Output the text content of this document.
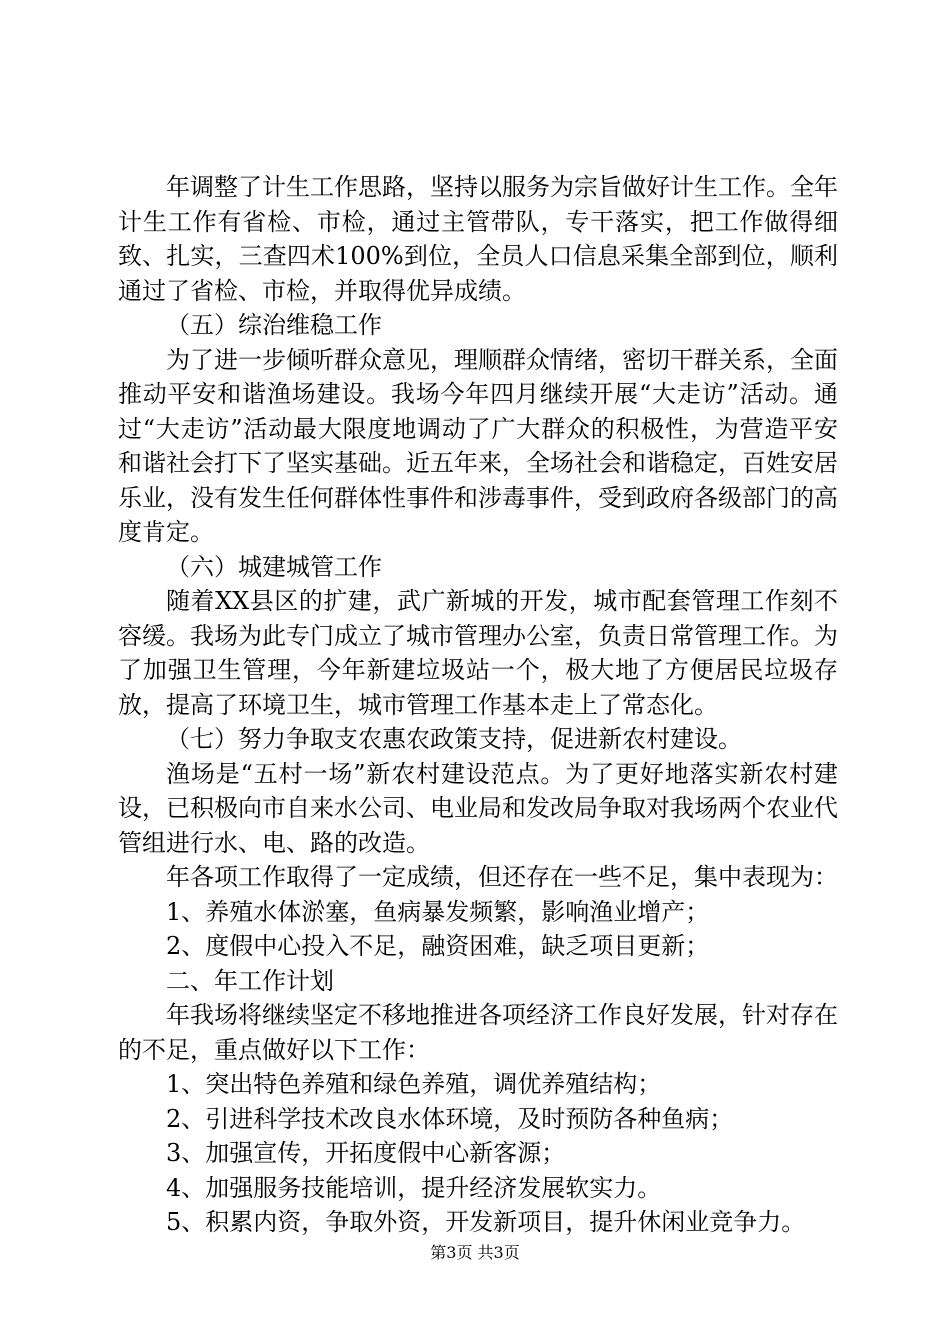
年调整了计生工作思路，坚持以服务为宗旨做好计生工作。全年计生工作有省检、市检，通过主管带队，专干落实，把工作做得细致、扎实，三查四术100%到位，全员人口信息采集全部到位，顺利通过了省检、市检，并取得优异成绩。

（五）综治维稳工作

为了进一步倾听群众意见，理顺群众情绪，密切干群关系，全面推动平安和谐渔场建设。我场今年四月继续开展“大走访”活动。通过“大走访”活动最大限度地调动了广大群众的积极性，为营造平安和谐社会打下了坚实基础。近五年来，全场社会和谐稳定，百姓安居乐业，没有发生任何群体性事件和涉毒事件，受到政府各级部门的高度肯定。

（六）城建城管工作

随着XX县区的扩建，武广新城的开发，城市配套管理工作刻不容缓。我场为此专门成立了城市管理办公室，负责日常管理工作。为了加强卫生管理，今年新建垃圾站一个，极大地了方便居民垃圾存放，提高了环境卫生，城市管理工作基本走上了常态化。

（七）努力争取支农惠农政策支持，促进新农村建设。

渔场是“五村一场”新农村建设范点。为了更好地落实新农村建设，已积极向市自来水公司、电业局和发改局争取对我场两个农业代管组进行水、电、路的改造。

年各项工作取得了一定成绩，但还存在一些不足，集中表现为：

1、养殖水体淤塞，鱼病暴发频繁，影响渔业增产；

2、度假中心投入不足，融资困难，缺乏项目更新；

二、年工作计划

年我场将继续坚定不移地推进各项经济工作良好发展，针对存在的不足，重点做好以下工作：

1、突出特色养殖和绿色养殖，调优养殖结构；

2、引进科学技术改良水体环境，及时预防各种鱼病；

3、加强宣传，开拓度假中心新客源；

4、加强服务技能培训，提升经济发展软实力。

5、积累内资，争取外资，开发新项目，提升休闲业竞争力。

第3页 共3页
